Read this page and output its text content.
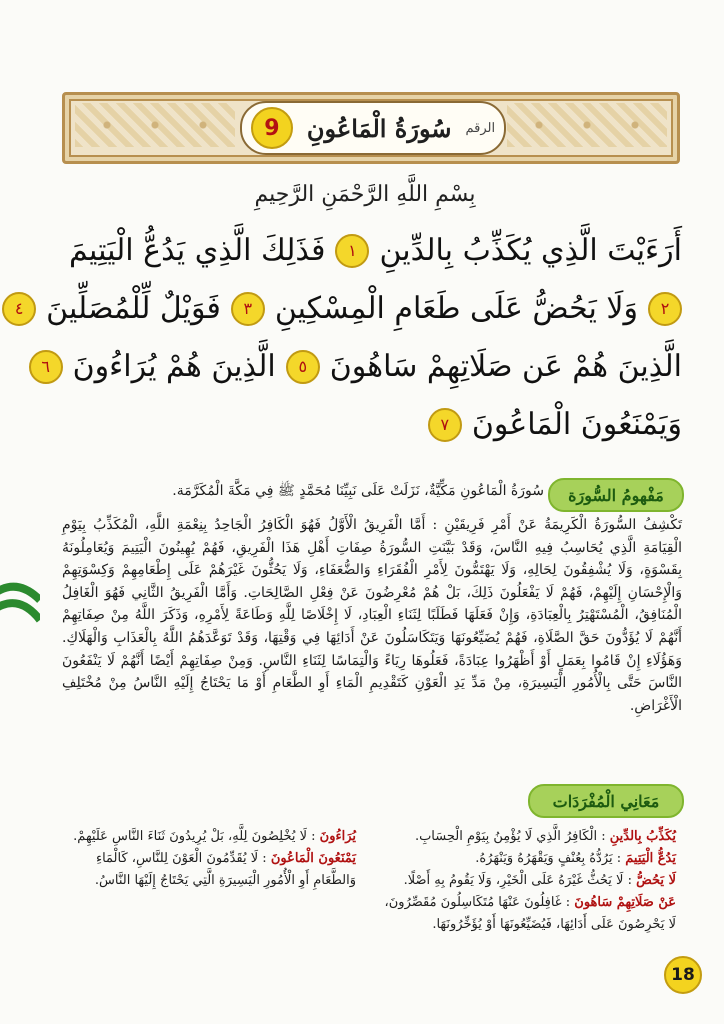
الرقم
سُورَةُ الْمَاعُونِ
9
بِسْمِ اللَّهِ الرَّحْمَنِ الرَّحِيمِ
أَرَءَيْتَ الَّذِي يُكَذِّبُ بِالدِّينِ
١
فَذَلِكَ الَّذِي يَدُعُّ الْيَتِيمَ
٢
وَلَا يَحُضُّ عَلَى طَعَامِ الْمِسْكِينِ
٣
فَوَيْلٌ لِّلْمُصَلِّينَ
٤
الَّذِينَ هُمْ عَن صَلَاتِهِمْ سَاهُونَ
٥
الَّذِينَ هُمْ يُرَاءُونَ
٦
وَيَمْنَعُونَ الْمَاعُونَ
٧
مَفْهومُ السُّورَة
سُورَةُ الْمَاعُونِ مَكِّيَّةٌ، نَزَلَتْ عَلَى نَبِيِّنَا مُحَمَّدٍ ﷺ فِي مَكَّةَ الْمُكَرَّمَة.
تَكْشِفُ السُّورَةُ الْكَرِيمَةُ عَنْ أَمْرِ فَرِيقَيْنِ : أَمَّا الْفَرِيقُ الْأَوَّلُ فَهُوَ الْكَافِرُ الْجَاحِدُ بِنِعْمَةِ اللَّهِ، الْمُكَذِّبُ بِيَوْمِ الْقِيَامَةِ الَّذِي يُحَاسِبُ فِيهِ النَّاسَ، وَقَدْ بَيَّنَتِ السُّورَةُ صِفَاتِ أَهْلِ هَذَا الْفَرِيقِ، فَهُمْ يُهِينُونَ الْيَتِيمَ وَيُعَامِلُونَهُ بِقَسْوَةٍ، وَلَا يُشْفِقُونَ لِحَالِهِ، وَلَا يَهْتَمُّونَ لِأَمْرِ الْفُقَرَاءِ وَالضُّعَفَاءِ، وَلَا يَحُثُّونَ غَيْرَهُمْ عَلَى إِطْعَامِهِمْ وَكِسْوَتِهِمْ وَالْإِحْسَانِ إِلَيْهِمْ، فَهُمْ لَا يَفْعَلُونَ ذَلِكَ، بَلْ هُمْ مُعْرِضُونَ عَنْ فِعْلِ الصَّالِحَاتِ. وَأَمَّا الْفَرِيقُ الثَّانِي فَهُوَ الْغَافِلُ الْمُنَافِقُ، الْمُسْتَهْتِرُ بِالْعِبَادَةِ، وَإِنْ فَعَلَهَا فَطَلَبًا لِثَنَاءِ الْعِبَادِ، لَا إِخْلَاصًا لِلَّهِ وَطَاعَةً لِأَمْرِهِ، وَذَكَرَ اللَّهُ مِنْ صِفَاتِهِمْ أَنَّهُمْ لَا يُؤَدُّونَ حَقَّ الصَّلَاةِ، فَهُمْ يُضَيِّعُونَهَا وَيَتَكَاسَلُونَ عَنْ أَدَائِهَا فِي وَقْتِهَا، وَقَدْ تَوَعَّدَهُمُ اللَّهُ بِالْعَذَابِ وَالْهَلَاكِ. وَهَؤُلَاءِ إِنْ قَامُوا بِعَمَلٍ أَوْ أَظْهَرُوا عِبَادَةً، فَعَلُوهَا رِيَاءً وَالْتِمَاسًا لِثَنَاءِ النَّاسِ. وَمِنْ صِفَاتِهِمْ أَيْضًا أَنَّهُمْ لَا يَنْفَعُونَ النَّاسَ حَتَّى بِالْأُمُورِ الْيَسِيرَةِ، مِنْ مَدِّ يَدِ الْعَوْنِ كَتَقْدِيمِ الْمَاءِ أَوِ الطَّعَامِ أَوْ مَا يَحْتَاجُ إِلَيْهِ النَّاسُ مِنْ مُخْتَلِفِ الْأَغْرَاضِ.
مَعَانِي الْمُفْرَدَات
يُكَذِّبُ بِالدِّينِ : الْكَافِرُ الَّذِي لَا يُؤْمِنُ بِيَوْمِ الْحِسَابِ.
يَدُعُّ الْيَتِيمَ : يَرُدُّهُ بِعُنْفٍ وَيَقْهَرُهُ وَيَنْهَرُهُ.
لَا يَحُضُّ : لَا يَحُثُّ غَيْرَهُ عَلَى الْخَيْرِ، وَلَا يَقُومُ بِهِ أَصْلًا.
عَنْ صَلَاتِهِمْ سَاهُونَ : غَافِلُونَ عَنْهَا مُتَكَاسِلُونَ مُقَصِّرُونَ،
لَا يَحْرِصُونَ عَلَى أَدَائِهَا، فَيُضَيِّعُونَهَا أَوْ يُؤَخِّرُونَهَا.
يُرَاءُونَ : لَا يُخْلِصُونَ لِلَّهِ، بَلْ يُرِيدُونَ ثَنَاءَ النَّاسِ عَلَيْهِمْ.
يَمْنَعُونَ الْمَاعُونَ : لَا يُقَدِّمُونَ الْعَوْنَ لِلنَّاسِ، كَالْمَاءِ
وَالطَّعَامِ أَوِ الْأُمُورِ الْيَسِيرَةِ الَّتِي يَحْتَاجُ إِلَيْهَا النَّاسُ.
18
